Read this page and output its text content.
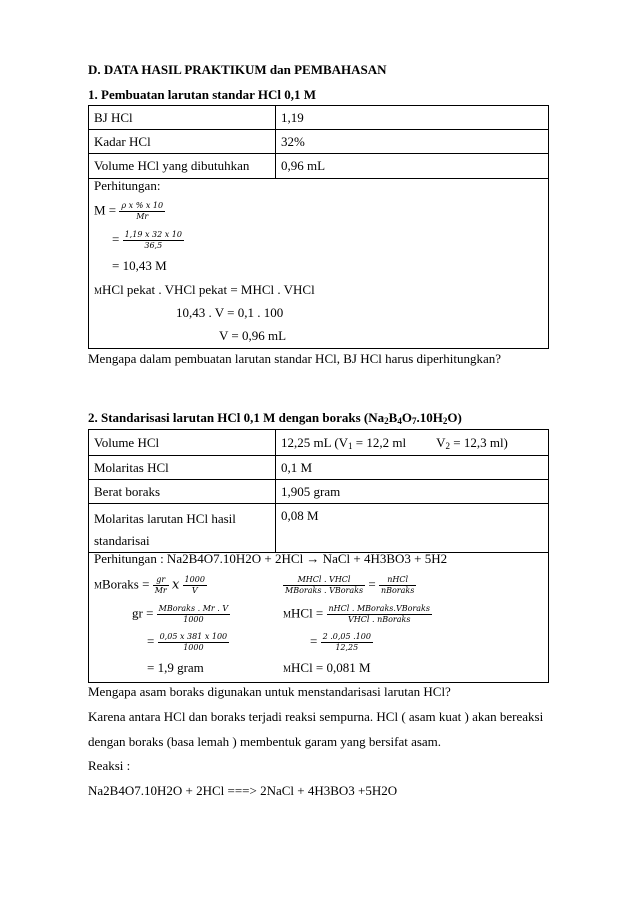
D. DATA HASIL PRAKTIKUM dan PEMBAHASAN
1. Pembuatan larutan standar HCl 0,1 M
BJ HCl	1,19
Kadar HCl	32%
Volume HCl yang dibutuhkan	0,96 mL

Perhitungan:
$M = \frac{\text{ρ x \% x 10}}{Mr}$
= $\frac{1,19 x 32 x 10}{36,5}$
= 10,43 M
MHCl pekat . VHCl pekat = MHCl . VHCl
10,43 . V = 0,1 . 100
V = 0,96 mL
Mengapa dalam pembuatan larutan standar HCl, BJ HCl harus diperhitungkan?
2. Standarisasi larutan HCl 0,1 M dengan boraks (Na2B4O7.10H2O)
Volume HCl	12,25 mL (V1 = 12,2 ml V2 = 12,3 ml)
Molaritas HCl	0,1 M
Berat boraks	1,905 gram
Molaritas larutan HCl hasil standarisai	0,08 M

Perhitungan : Na2B4O7.10H2O + 2HCl → NaCl + 4H3BO3 + 5H2
MBoraks = $\frac{gr}{Mr}$ x $\frac{1000}{V}$
gr = $\frac{\text{MBoraks . Mr . V}}{1000}$
= $\frac{0,05 x 381 x 100}{1000}$
= 1,9 gram
$\frac{\text{MHCl . VHCl}}{\text{MBoraks . VBoraks}} = \frac{\text{nHCl}}{\text{nBoraks}}$
MHCl = $\frac{\text{nHCl . MBoraks.VBoraks}}{\text{VHCl . nBoraks}}$
= $\frac{2 .0,05 .100}{12,25}$
MHCl = 0,081 M
Mengapa asam boraks digunakan untuk menstandarisasi larutan HCl?
Karena antara HCl dan boraks terjadi reaksi sempurna. HCl ( asam kuat ) akan bereaksi
dengan boraks (basa lemah ) membentuk garam yang bersifat asam.
Reaksi :
Na2B4O7.10H2O + 2HCl ===> 2NaCl + 4H3BO3 +5H2O
